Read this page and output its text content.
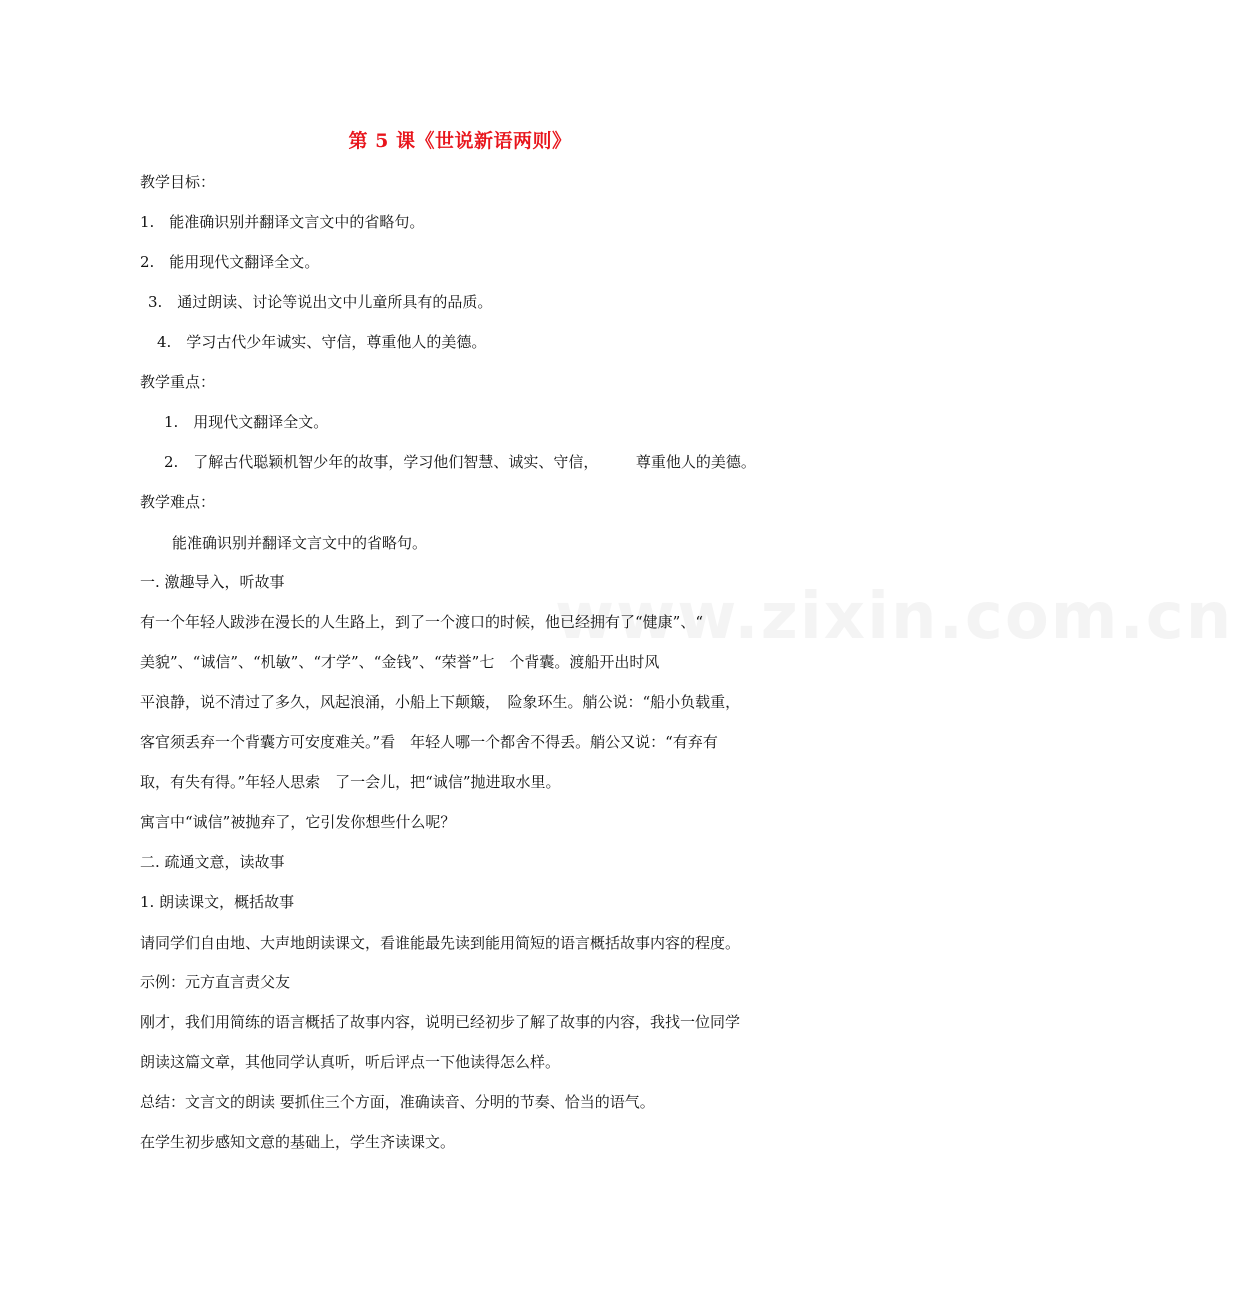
www.zixin.com.cn
第 5 课《世说新语两则》
教学目标：
1.　能准确识别并翻译文言文中的省略句。
2.　能用现代文翻译全文。
3.　通过朗读、讨论等说出文中儿童所具有的品质。
4.　学习古代少年诚实、守信，尊重他人的美德。
教学重点：
1.　用现代文翻译全文。
2.　了解古代聪颖机智少年的故事，学习他们智慧、诚实、守信，　　　尊重他人的美德。
教学难点：
能准确识别并翻译文言文中的省略句。
一. 激趣导入，听故事
有一个年轻人跋涉在漫长的人生路上，到了一个渡口的时候，他已经拥有了“健康”、“
美貌”、“诚信”、“机敏”、“才学”、“金钱”、“荣誉”七　个背囊。渡船开出时风
平浪静，说不清过了多久，风起浪涌，小船上下颠簸，　险象环生。艄公说：“船小负载重，
客官须丢弃一个背囊方可安度难关。”看　年轻人哪一个都舍不得丢。艄公又说：“有弃有
取，有失有得。”年轻人思索　了一会儿，把“诚信”抛进取水里。
寓言中“诚信”被抛弃了，它引发你想些什么呢？
二. 疏通文意，读故事
1. 朗读课文，概括故事
请同学们自由地、大声地朗读课文，看谁能最先读到能用简短的语言概括故事内容的程度。
示例：元方直言责父友
刚才，我们用简练的语言概括了故事内容，说明已经初步了解了故事的内容，我找一位同学
朗读这篇文章，其他同学认真听，听后评点一下他读得怎么样。
总结：文言文的朗读 要抓住三个方面，准确读音、分明的节奏、恰当的语气。
在学生初步感知文意的基础上，学生齐读课文。
